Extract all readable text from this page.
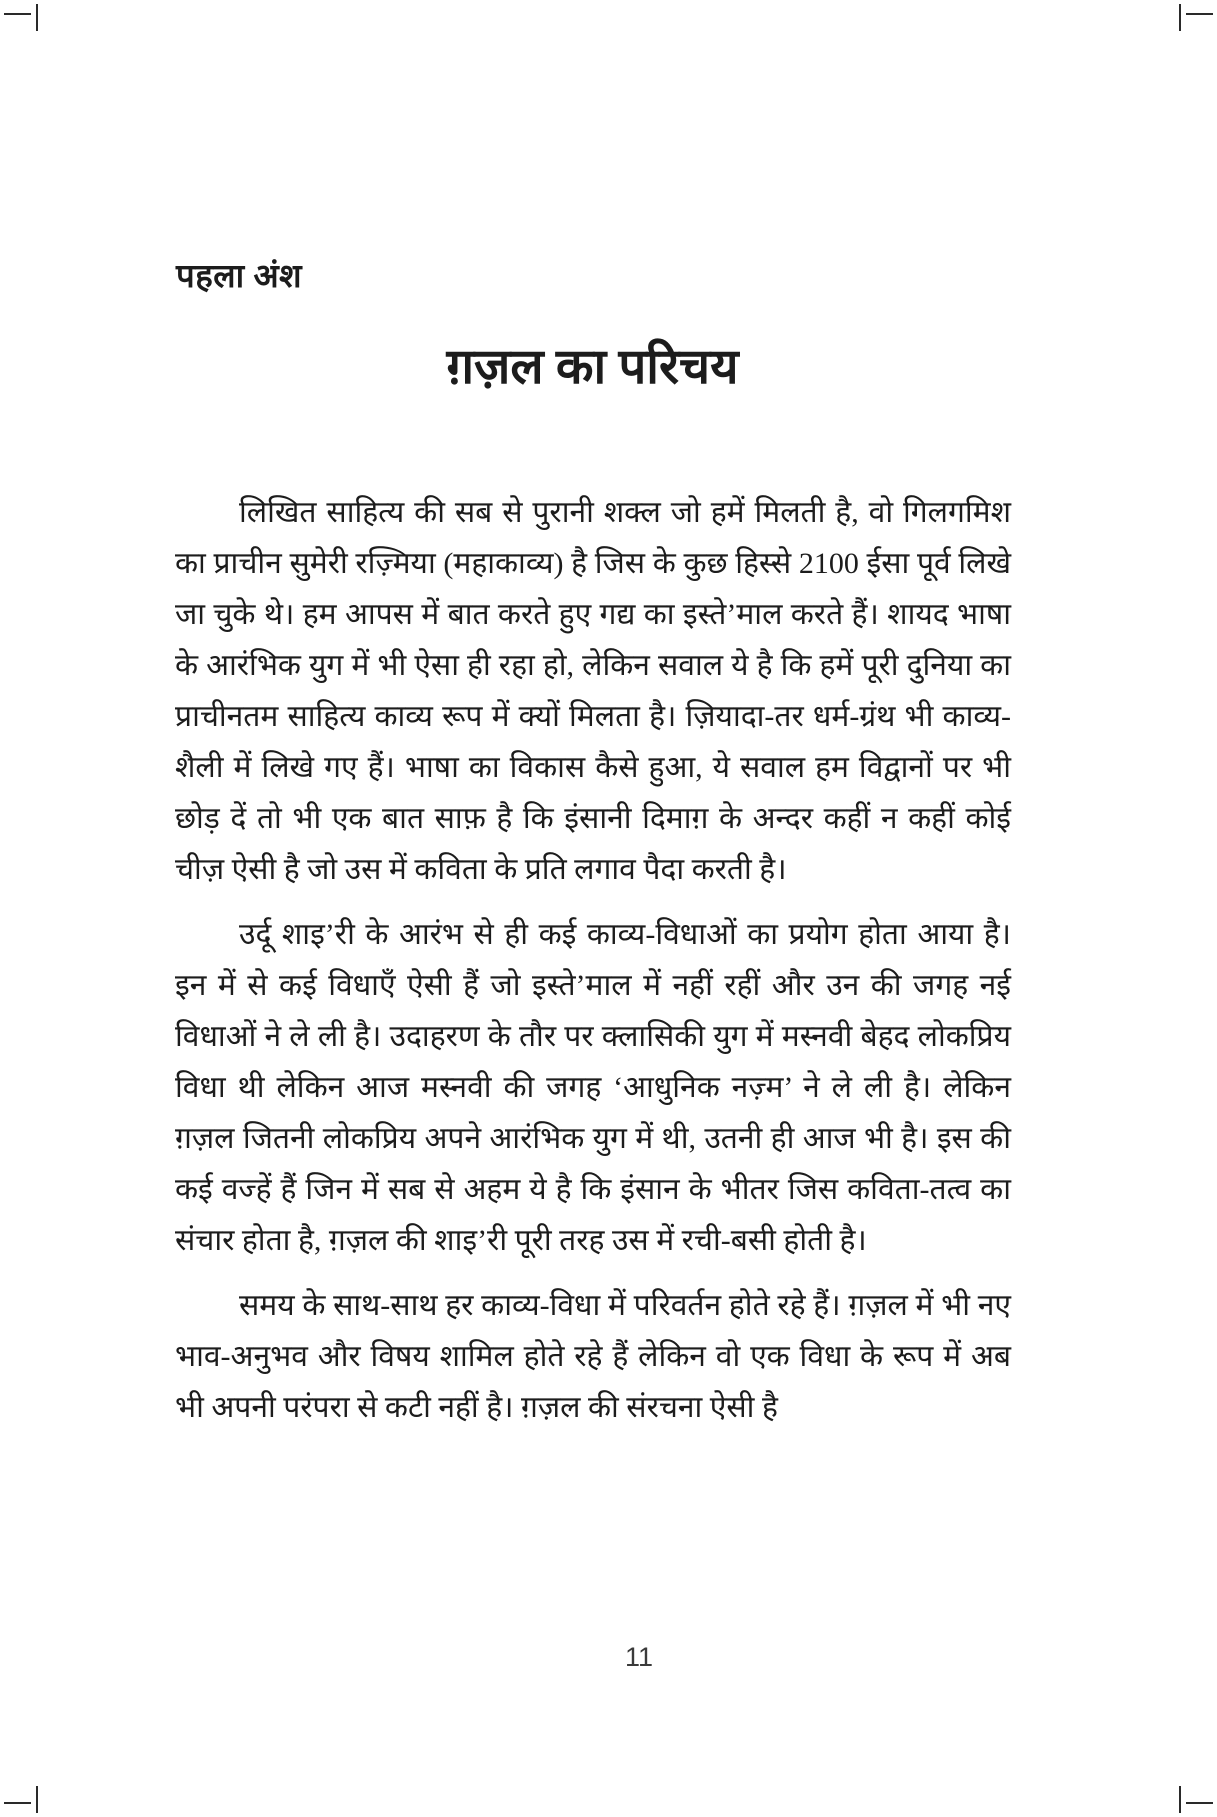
पहला अंश
ग़ज़ल का परिचय

लिखित साहित्य की सब से पुरानी शक्ल जो हमें मिलती है, वो गिलगमिश का प्राचीन सुमेरी रज़्मिया (महाकाव्य) है जिस के कुछ हिस्से 2100 ईसा पूर्व लिखे जा चुके थे। हम आपस में बात करते हुए गद्य का इस्ते’माल करते हैं। शायद भाषा के आरंभिक युग में भी ऐसा ही रहा हो, लेकिन सवाल ये है कि हमें पूरी दुनिया का प्राचीनतम साहित्य काव्य रूप में क्यों मिलता है। ज़ियादा-तर धर्म-ग्रंथ भी काव्य-शैली में लिखे गए हैं। भाषा का विकास कैसे हुआ, ये सवाल हम विद्वानों पर भी छोड़ दें तो भी एक बात साफ़ है कि इंसानी दिमाग़ के अन्दर कहीं न कहीं कोई चीज़ ऐसी है जो उस में कविता के प्रति लगाव पैदा करती है।

उर्दू शाइ’री के आरंभ से ही कई काव्य-विधाओं का प्रयोग होता आया है। इन में से कई विधाएँ ऐसी हैं जो इस्ते’माल में नहीं रहीं और उन की जगह नई विधाओं ने ले ली है। उदाहरण के तौर पर क्लासिकी युग में मस्नवी बेहद लोकप्रिय विधा थी लेकिन आज मस्नवी की जगह ‘आधुनिक नज़्म’ ने ले ली है। लेकिन ग़ज़ल जितनी लोकप्रिय अपने आरंभिक युग में थी, उतनी ही आज भी है। इस की कई वज्हें हैं जिन में सब से अहम ये है कि इंसान के भीतर जिस कविता-तत्व का संचार होता है, ग़ज़ल की शाइ’री पूरी तरह उस में रची-बसी होती है।

समय के साथ-साथ हर काव्य-विधा में परिवर्तन होते रहे हैं। ग़ज़ल में भी नए भाव-अनुभव और विषय शामिल होते रहे हैं लेकिन वो एक विधा के रूप में अब भी अपनी परंपरा से कटी नहीं है। ग़ज़ल की संरचना ऐसी है

11
